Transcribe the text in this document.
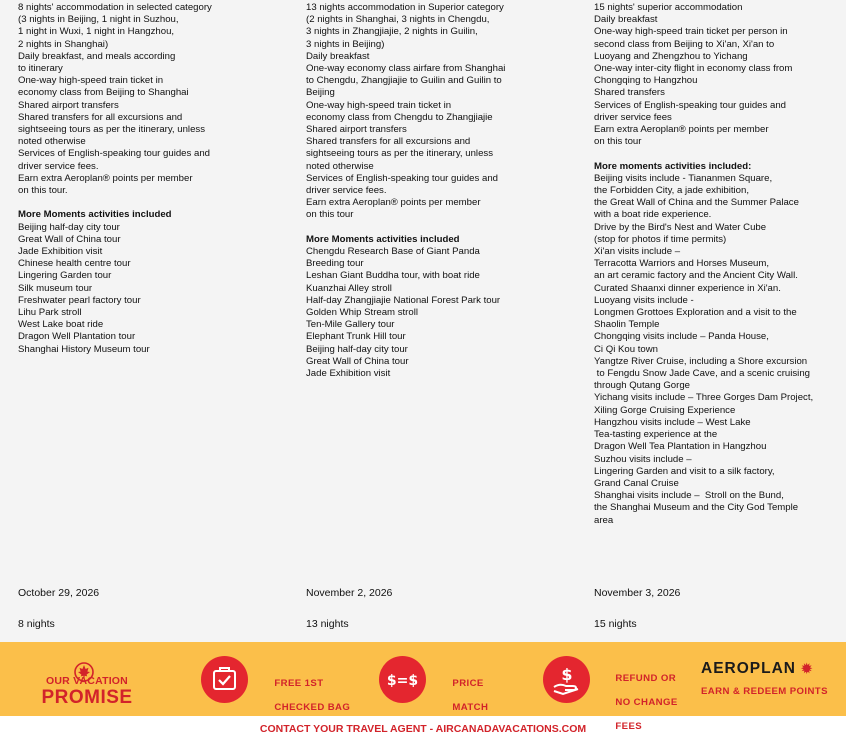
8 nights' accommodation in selected category
(3 nights in Beijing, 1 night in Suzhou,
1 night in Wuxi, 1 night in Hangzhou,
2 nights in Shanghai)
Daily breakfast, and meals according
to itinerary
One-way high-speed train ticket in
economy class from Beijing to Shanghai
Shared airport transfers
Shared transfers for all excursions and
sightseeing tours as per the itinerary, unless
noted otherwise
Services of English-speaking tour guides and
driver service fees.
Earn extra Aeroplan® points per member
on this tour.
More Moments activities included
Beijing half-day city tour
Great Wall of China tour
Jade Exhibition visit
Chinese health centre tour
Lingering Garden tour
Silk museum tour
Freshwater pearl factory tour
Lihu Park stroll
West Lake boat ride
Dragon Well Plantation tour
Shanghai History Museum tour
13 nights accommodation in Superior category
(2 nights in Shanghai, 3 nights in Chengdu,
3 nights in Zhangjiajie, 2 nights in Guilin,
3 nights in Beijing)
Daily breakfast
One-way economy class airfare from Shanghai
to Chengdu, Zhangjiajie to Guilin and Guilin to
Beijing
One-way high-speed train ticket in
economy class from Chengdu to Zhangjiajie
Shared airport transfers
Shared transfers for all excursions and
sightseeing tours as per the itinerary, unless
noted otherwise
Services of English-speaking tour guides and
driver service fees.
Earn extra Aeroplan® points per member
on this tour
More Moments activities included
Chengdu Research Base of Giant Panda
Breeding tour
Leshan Giant Buddha tour, with boat ride
Kuanzhai Alley stroll
Half-day Zhangjiajie National Forest Park tour
Golden Whip Stream stroll
Ten-Mile Gallery tour
Elephant Trunk Hill tour
Beijing half-day city tour
Great Wall of China tour
Jade Exhibition visit
15 nights' superior accommodation
Daily breakfast
One-way high-speed train ticket per person in
second class from Beijing to Xi'an, Xi'an to
Luoyang and Zhengzhou to Yichang
One-way inter-city flight in economy class from
Chongqing to Hangzhou
Shared transfers
Services of English-speaking tour guides and
driver service fees
Earn extra Aeroplan® points per member
on this tour
More moments activities included:
Beijing visits include - Tiananmen Square,
the Forbidden City, a jade exhibition,
the Great Wall of China and the Summer Palace
with a boat ride experience.
Drive by the Bird's Nest and Water Cube
(stop for photos if time permits)
Xi'an visits include –
Terracotta Warriors and Horses Museum,
an art ceramic factory and the Ancient City Wall.
Curated Shaanxi dinner experience in Xi'an.
Luoyang visits include -
Longmen Grottoes Exploration and a visit to the
Shaolin Temple
Chongqing visits include – Panda House,
Ci Qi Kou town
Yangtze River Cruise, including a Shore excursion
to Fengdu Snow Jade Cave, and a scenic cruising
through Qutang Gorge
Yichang visits include – Three Gorges Dam Project,
Xiling Gorge Cruising Experience
Hangzhou visits include – West Lake
Tea-tasting experience at the
Dragon Well Tea Plantation in Hangzhou
Suzhou visits include –
Lingering Garden and visit to a silk factory,
Grand Canal Cruise
Shanghai visits include –  Stroll on the Bund,
the Shanghai Museum and the City God Temple
area
October 29, 2026
8 nights
November 2, 2026
13 nights
November 3, 2026
15 nights
OUR VACATION
PROMISE

FREE 1ST

CHECKED BAG

$=$	PRICE

MATCH

$	REFUND OR

NO CHANGE

FEES

AEROPLAN ✹
EARN & REDEEM POINTS
CONTACT YOUR TRAVEL AGENT - AIRCANADAVACATIONS.COM
